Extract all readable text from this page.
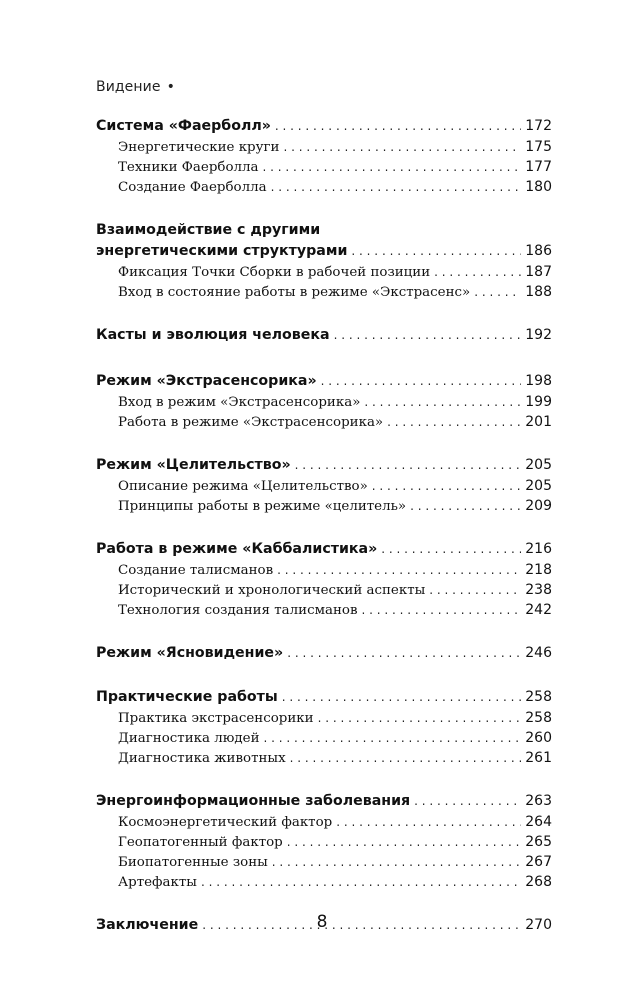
Видение •
Система «Фаерболл» . . .	172
Энергетические круги . . .	175
Техники Фаерболла . . .	177
Создание Фаерболла . . .	180
Взаимодействие с другими
энергетическими структурами . . .	186
Фиксация Точки Сборки в рабочей позиции . . .	187
Вход в состояние работы в режиме «Экстрасенс» . . .	188
Касты и эволюция человека . . .	192
Режим «Экстрасенсорика» . . .	198
Вход в режим «Экстрасенсорика» . . .	199
Работа в режиме «Экстрасенсорика» . . .	201
Режим «Целительство» . . .	205
Описание режима «Целительство» . . .	205
Принципы работы в режиме «целитель» . . .	209
Работа в режиме «Каббалистика» . . .	216
Создание талисманов . . .	218
Исторический и хронологический аспекты . . .	238
Технология создания талисманов . . .	242
Режим «Ясновидение» . . .	246
Практические работы . . .	258
Практика экстрасенсорики . . .	258
Диагностика людей . . .	260
Диагностика животных . . .	261
Энергоинформационные заболевания . . .	263
Космоэнергетический фактор . . .	264
Геопатогенный фактор . . .	265
Биопатогенные зоны . . .	267
Артефакты . . .	268
Заключение . . .	270
8
